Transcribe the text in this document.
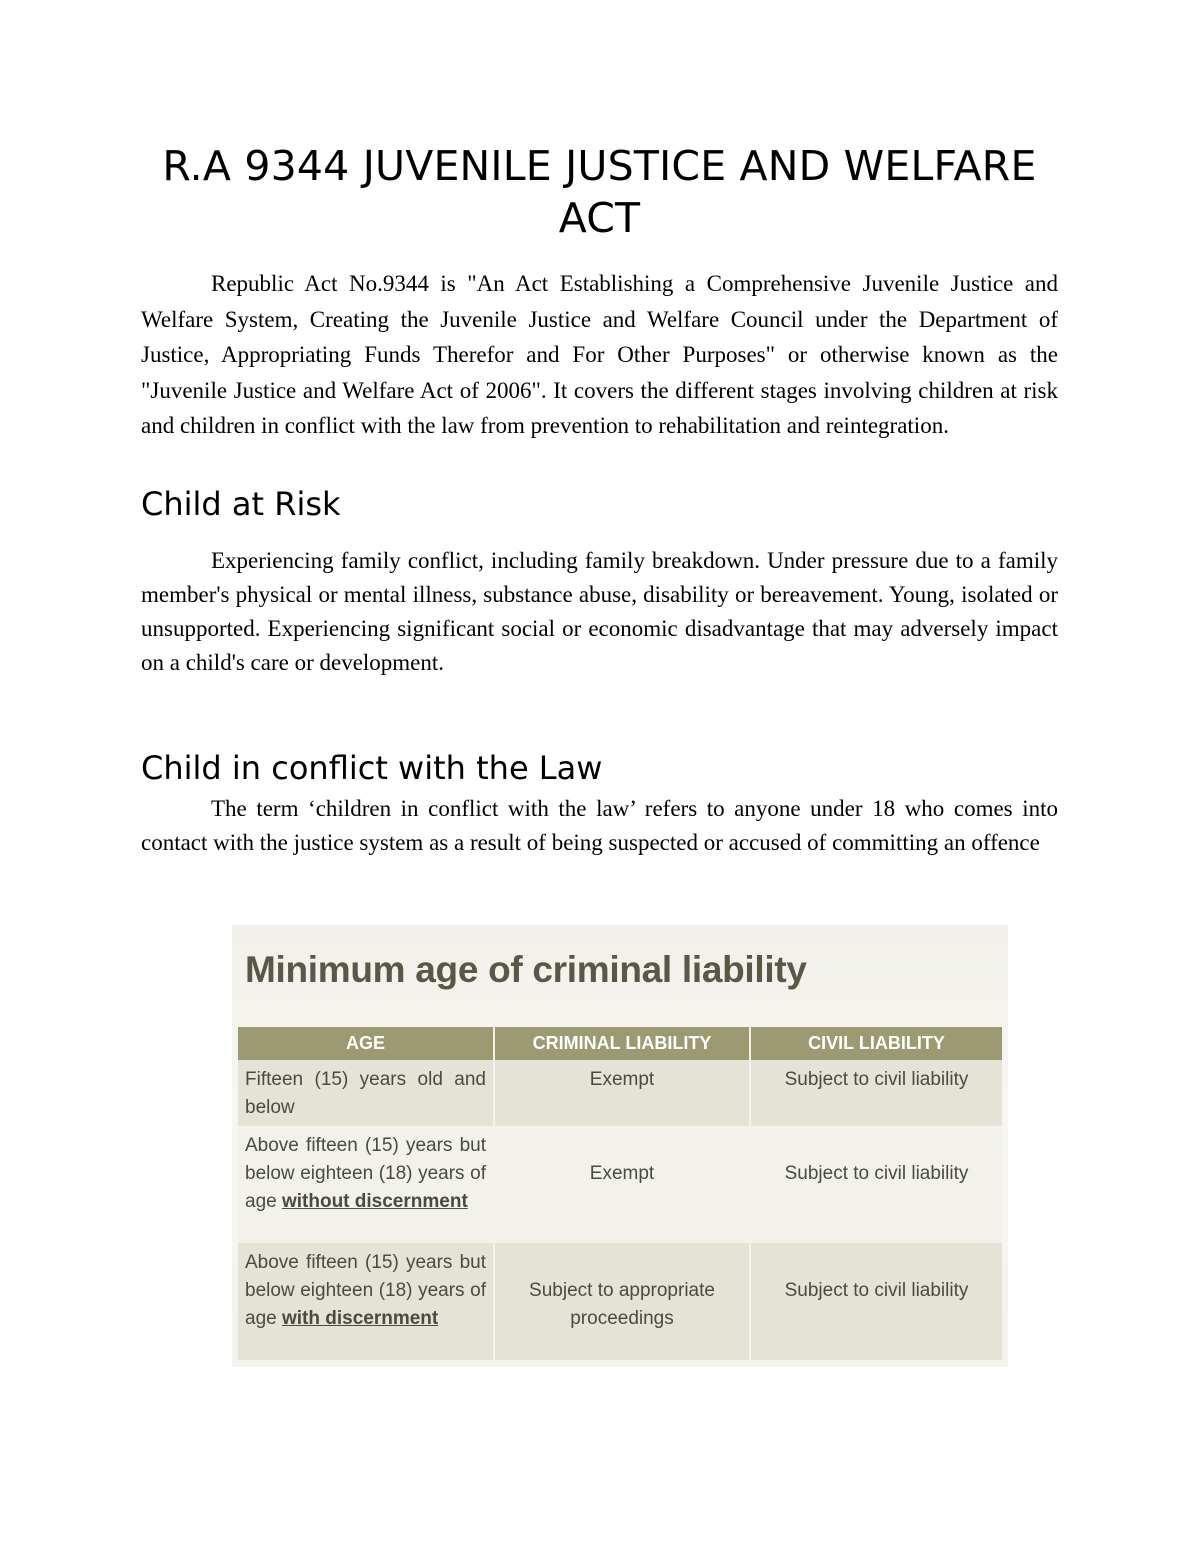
R.A 9344 JUVENILE JUSTICE AND WELFARE ACT

Republic Act No.9344 is "An Act Establishing a Comprehensive Juvenile Justice and Welfare System, Creating the Juvenile Justice and Welfare Council under the Department of Justice, Appropriating Funds Therefor and For Other Purposes" or otherwise known as the "Juvenile Justice and Welfare Act of 2006". It covers the different stages involving children at risk and children in conflict with the law from prevention to rehabilitation and reintegration.

Child at Risk

Experiencing family conflict, including family breakdown. Under pressure due to a family member's physical or mental illness, substance abuse, disability or bereavement. Young, isolated or unsupported. Experiencing significant social or economic disadvantage that may adversely impact on a child's care or development.

Child in conflict with the Law

The term ‘children in conflict with the law’ refers to anyone under 18 who comes into contact with the justice system as a result of being suspected or accused of committing an offence

Minimum age of criminal liability

AGE	CRIMINAL LIABILITY	CIVIL LIABILITY
Fifteen (15) years old and below	Exempt	Subject to civil liability
Above fifteen (15) years but below eighteen (18) years of age without discernment	Exempt	Subject to civil liability
Above fifteen (15) years but below eighteen (18) years of age with discernment	Subject to appropriate proceedings	Subject to civil liability
